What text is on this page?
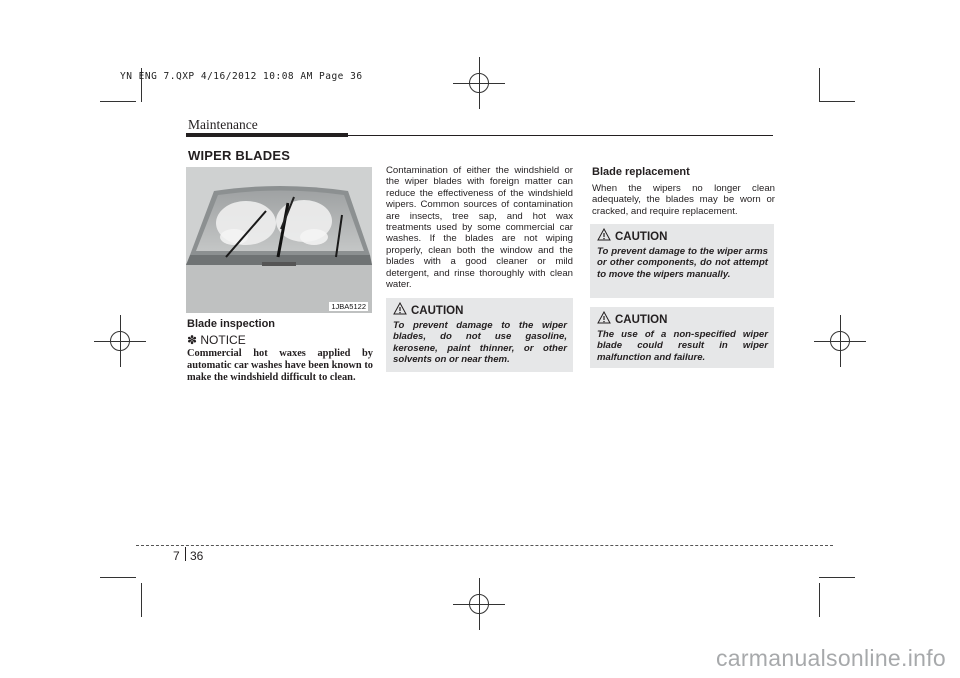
YN ENG 7.QXP 4/16/2012 10:08 AM Page 36
Maintenance
WIPER BLADES
1JBA5122
Blade inspection
✽ NOTICE
Commercial hot waxes applied by automatic car washes have been known to make the windshield difficult to clean.
Contamination of either the windshield or the wiper blades with foreign matter can reduce the effectiveness of the windshield wipers. Common sources of contamination are insects, tree sap, and hot wax treatments used by some commercial car washes. If the blades are not wiping properly, clean both the window and the blades with a good cleaner or mild detergent, and rinse thoroughly with clean water.
CAUTION
To prevent damage to the wiper blades, do not use gasoline, kerosene, paint thinner, or other solvents on or near them.
Blade replacement
When the wipers no longer clean adequately, the blades may be worn or cracked, and require replacement.
CAUTION
To prevent damage to the wiper arms or other components, do not attempt to move the wipers manually.
CAUTION
The use of a non-specified wiper blade could result in wiper malfunction and failure.
7 36
carmanualsonline.info
